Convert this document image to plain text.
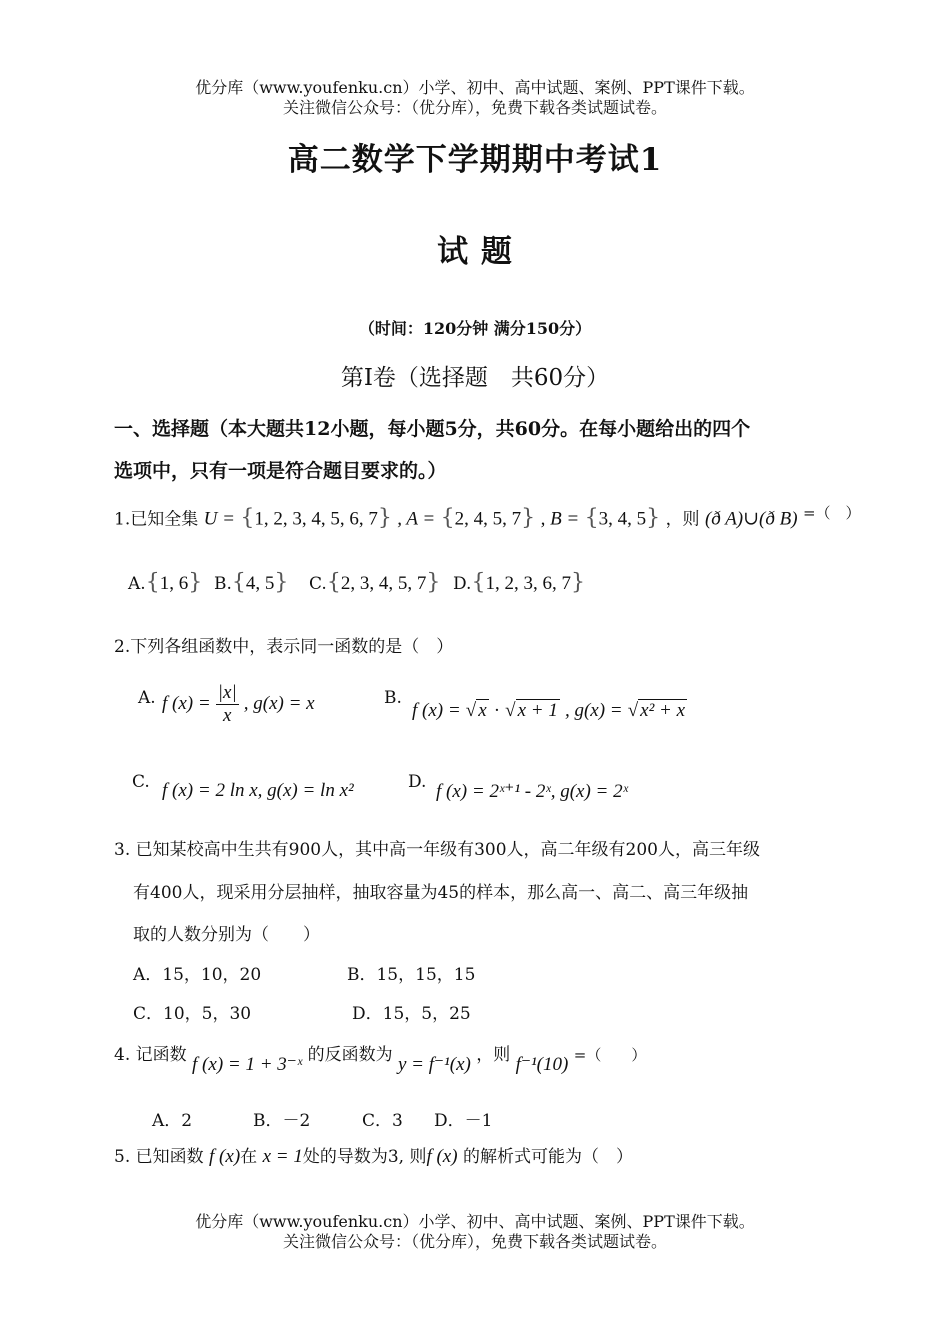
优分库（www.youfenku.cn）小学、初中、高中试题、案例、PPT课件下载。
关注微信公众号：（优分库），免费下载各类试题试卷。
高二数学下学期期中考试1
试 题
（时间：120分钟 满分150分）
第Ⅰ卷（选择题　共60分）
一、选择题（本大题共12小题，每小题5分，共60分。在每小题给出的四个
选项中，只有一项是符合题目要求的。）
1.已知全集 U = {1, 2, 3, 4, 5, 6, 7} , A = {2, 4, 5, 7} , B = {3, 4, 5} ，则 (ð A)∪(ð B) =（　）
A.{1, 6} B.{4, 5} C.{2, 3, 4, 5, 7} D.{1, 2, 3, 6, 7}
2.下列各组函数中，表示同一函数的是（　）
A. f $(x) = \frac{|x|}{x}$ , g(x) = x	B.
f (x) = √ x · √ x + 1 , g(x) = √ x² + x
C. f (x) = 2 ln x, g(x) = ln x²	D. f (x) = 2ˣ⁺¹ - 2ˣ, g(x) = 2ˣ
3. 已知某校高中生共有900人，其中高一年级有300人，高二年级有200人，高三年级
有400人，现采用分层抽样，抽取容量为45的样本，那么高一、高二、高三年级抽
取的人数分别为（　　）
A．15，10，20	B．15，15，15
C．10，5，30	D．15，5，25
4. 记函数 f (x) = 1 + 3⁻ˣ 的反函数为 y = f⁻¹(x) ，则 f⁻¹(10) =（　　）
A．2	B．－2	C．3 D．－1
5. 已知函数 f (x)在 x = 1处的导数为3, 则f (x) 的解析式可能为（　）
优分库（www.youfenku.cn）小学、初中、高中试题、案例、PPT课件下载。
关注微信公众号：（优分库），免费下载各类试题试卷。
